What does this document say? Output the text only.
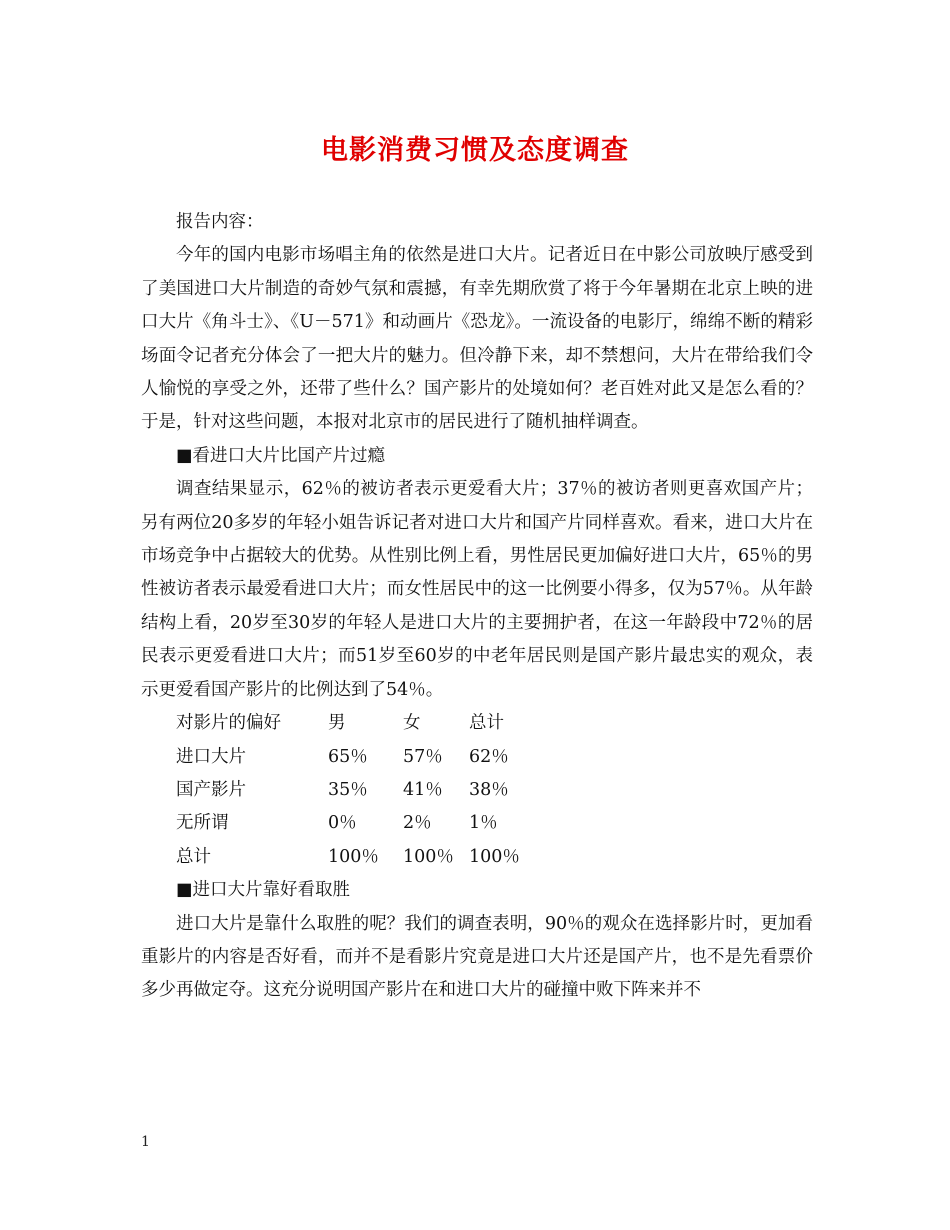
电影消费习惯及态度调查

报告内容：

今年的国内电影市场唱主角的依然是进口大片。记者近日在中影公司放映厅感受到了美国进口大片制造的奇妙气氛和震撼，有幸先期欣赏了将于今年暑期在北京上映的进口大片《角斗士》、《U－571》和动画片《恐龙》。一流设备的电影厅，绵绵不断的精彩场面令记者充分体会了一把大片的魅力。但冷静下来，却不禁想问，大片在带给我们令人愉悦的享受之外，还带了些什么？国产影片的处境如何？老百姓对此又是怎么看的？于是，针对这些问题，本报对北京市的居民进行了随机抽样调查。

■看进口大片比国产片过瘾

调查结果显示，62％的被访者表示更爱看大片；37％的被访者则更喜欢国产片；另有两位20多岁的年轻小姐告诉记者对进口大片和国产片同样喜欢。看来，进口大片在市场竞争中占据较大的优势。从性别比例上看，男性居民更加偏好进口大片，65％的男性被访者表示最爱看进口大片；而女性居民中的这一比例要小得多，仅为57％。从年龄结构上看，20岁至30岁的年轻人是进口大片的主要拥护者，在这一年龄段中72％的居民表示更爱看进口大片；而51岁至60岁的中老年居民则是国产影片最忠实的观众，表示更爱看国产影片的比例达到了54％。

对影片的偏好	男	女	总计
进口大片	65％	57％	62％
国产影片	35％	41％	38％
无所谓	0％	2％	1％
总计	100％	100％	100％

■进口大片靠好看取胜

进口大片是靠什么取胜的呢？我们的调查表明，90％的观众在选择影片时，更加看重影片的内容是否好看，而并不是看影片究竟是进口大片还是国产片，也不是先看票价多少再做定夺。这充分说明国产影片在和进口大片的碰撞中败下阵来并不

1
